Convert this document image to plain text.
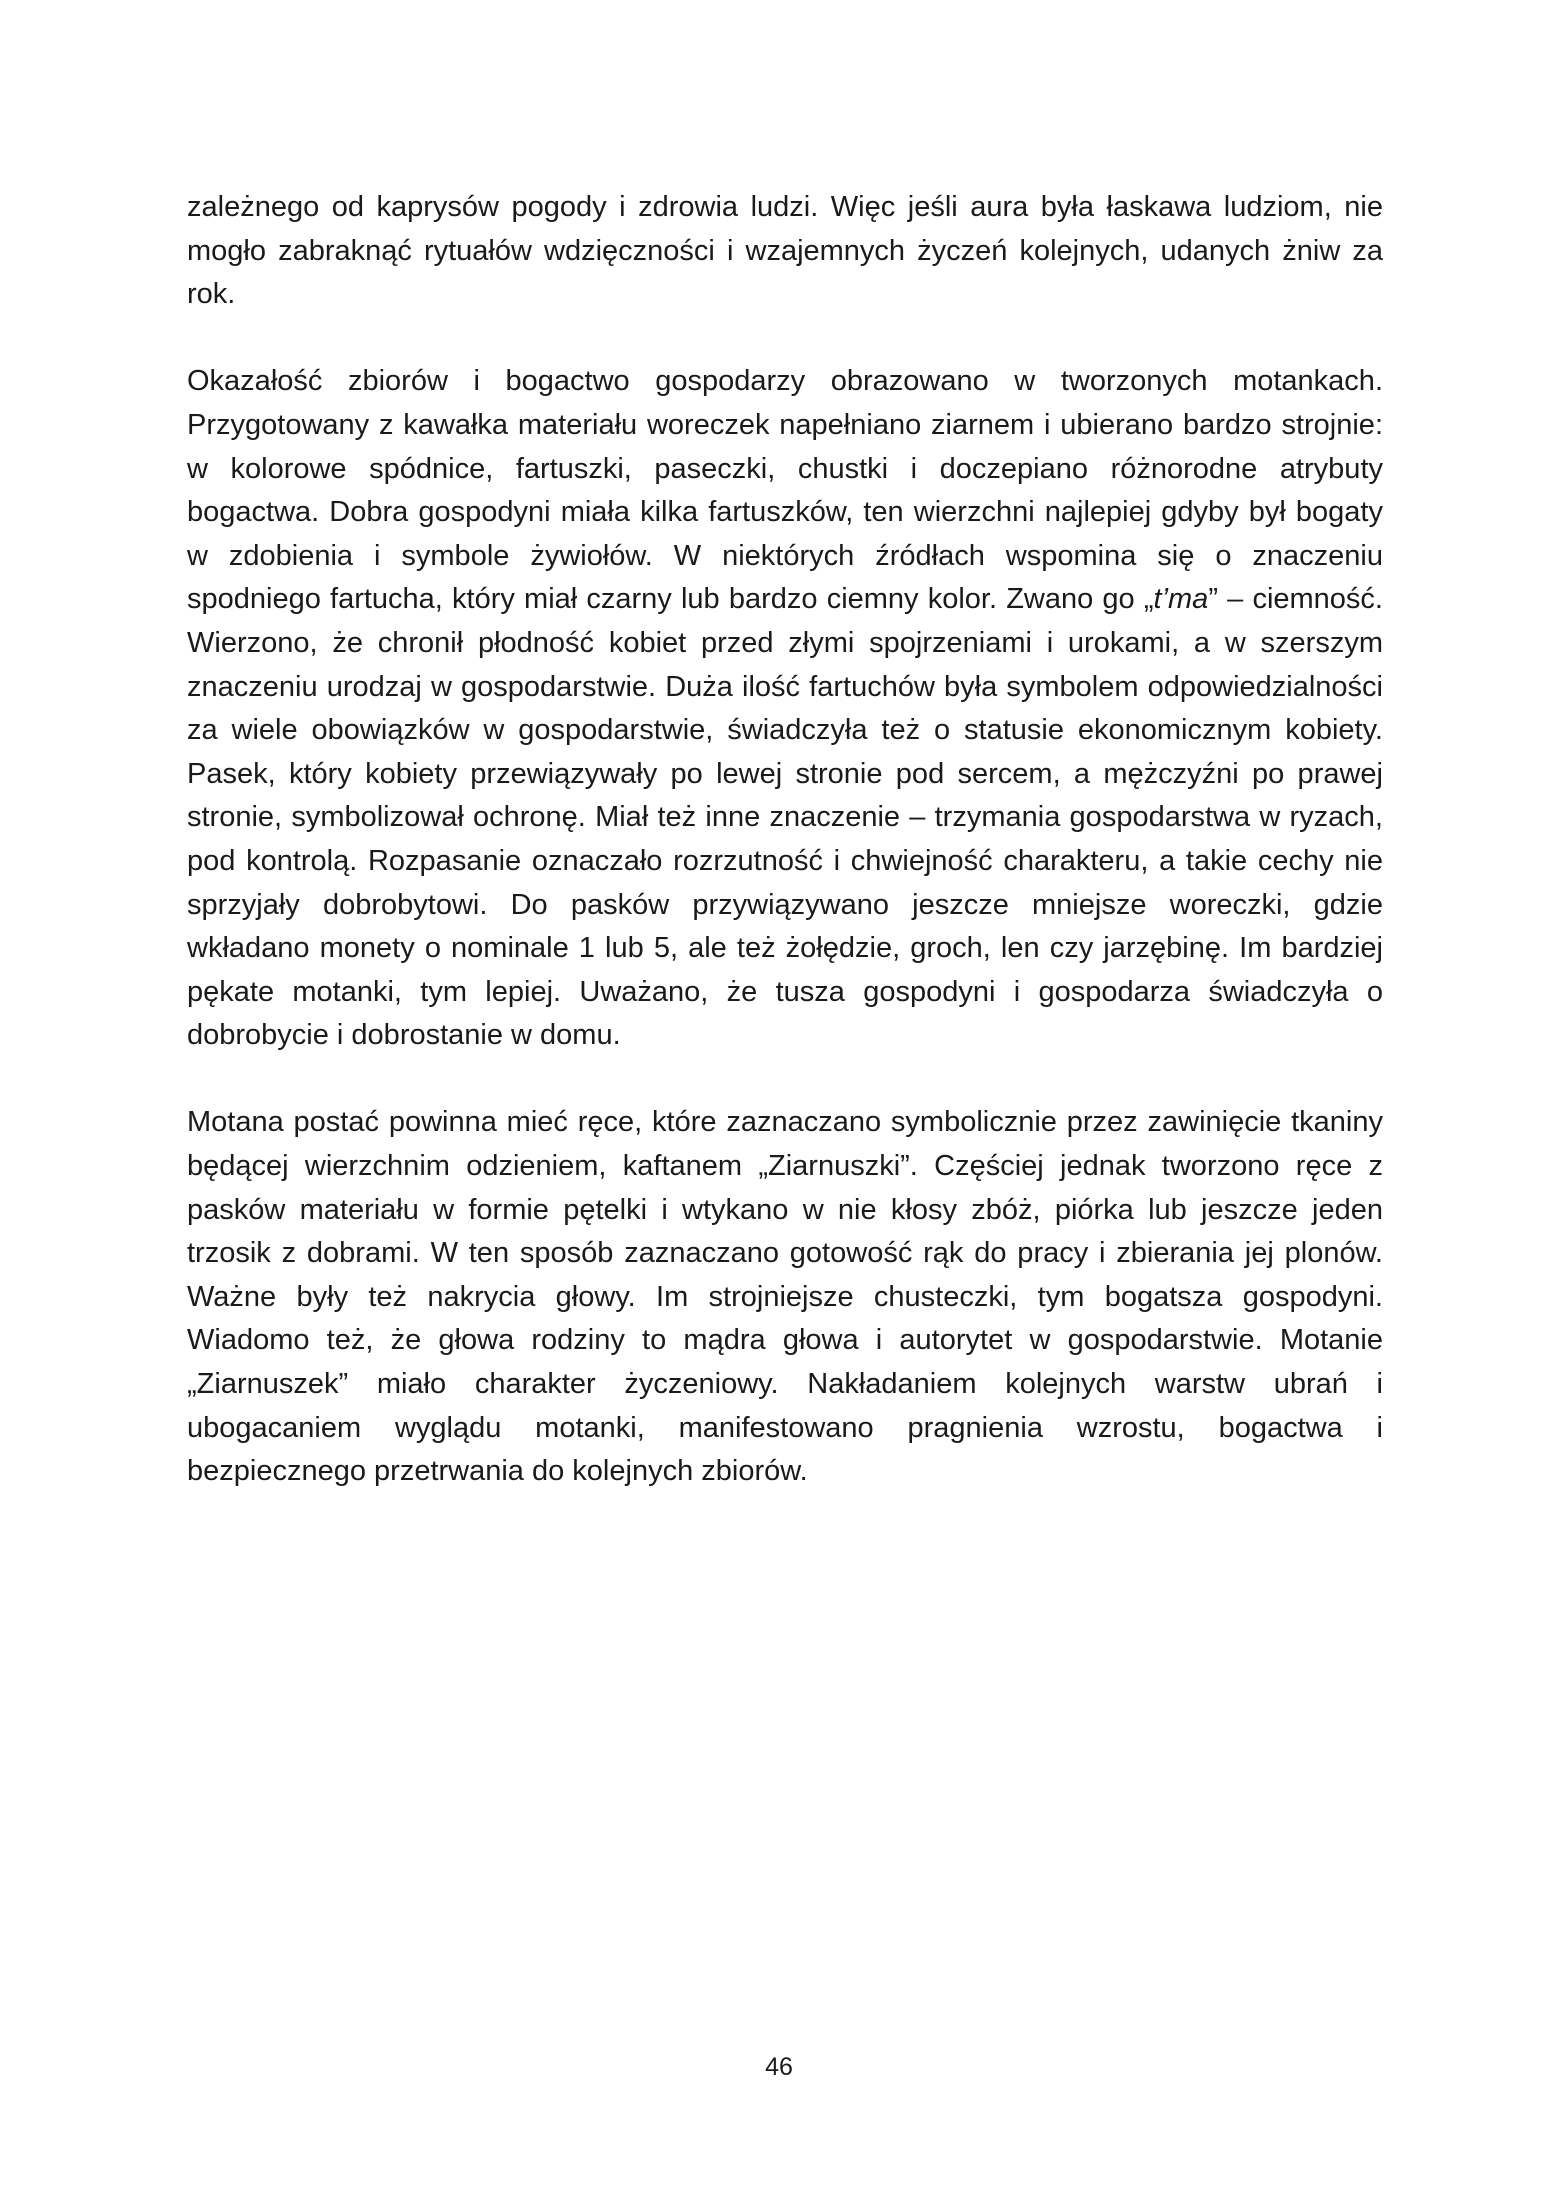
zależnego od kaprysów pogody i zdrowia ludzi. Więc jeśli aura była łaskawa ludziom, nie mogło zabraknąć rytuałów wdzięczności i wzajemnych życzeń kolejnych, udanych żniw za rok.

Okazałość zbiorów i bogactwo gospodarzy obrazowano w tworzonych motankach. Przygotowany z kawałka materiału woreczek napełniano ziarnem i ubierano bardzo strojnie: w kolorowe spódnice, fartuszki, paseczki, chustki i doczepiano różnorodne atrybuty bogactwa. Dobra gospodyni miała kilka fartuszków, ten wierzchni najlepiej gdyby był bogaty w zdobienia i symbole żywiołów. W niektórych źródłach wspomina się o znaczeniu spodniego fartucha, który miał czarny lub bardzo ciemny kolor. Zwano go „t’ma” – ciemność. Wierzono, że chronił płodność kobiet przed złymi spojrzeniami i urokami, a w szerszym znaczeniu urodzaj w gospodarstwie. Duża ilość fartuchów była symbolem odpowiedzialności za wiele obowiązków w gospodarstwie, świadczyła też o statusie ekonomicznym kobiety. Pasek, który kobiety przewiązywały po lewej stronie pod sercem, a mężczyźni po prawej stronie, symbolizował ochronę. Miał też inne znaczenie – trzymania gospodarstwa w ryzach, pod kontrolą. Rozpasanie oznaczało rozrzutność i chwiejność charakteru, a takie cechy nie sprzyjały dobrobytowi. Do pasków przywiązywano jeszcze mniejsze woreczki, gdzie wkładano monety o nominale 1 lub 5, ale też żołędzie, groch, len czy jarzębinę. Im bardziej pękate motanki, tym lepiej. Uważano, że tusza gospodyni i gospodarza świadczyła o dobrobycie i dobrostanie w domu.

Motana postać powinna mieć ręce, które zaznaczano symbolicznie przez zawinięcie tkaniny będącej wierzchnim odzieniem, kaftanem „Ziarnuszki”. Częściej jednak tworzono ręce z pasków materiału w formie pętelki i wtykano w nie kłosy zbóż, piórka lub jeszcze jeden trzosik z dobrami. W ten sposób zaznaczano gotowość rąk do pracy i zbierania jej plonów. Ważne były też nakrycia głowy. Im strojniejsze chusteczki, tym bogatsza gospodyni. Wiadomo też, że głowa rodziny to mądra głowa i autorytet w gospodarstwie. Motanie „Ziarnuszek” miało charakter życzeniowy. Nakładaniem kolejnych warstw ubrań i ubogacaniem wyglądu motanki, manifestowano pragnienia wzrostu, bogactwa i bezpiecznego przetrwania do kolejnych zbiorów.

46
